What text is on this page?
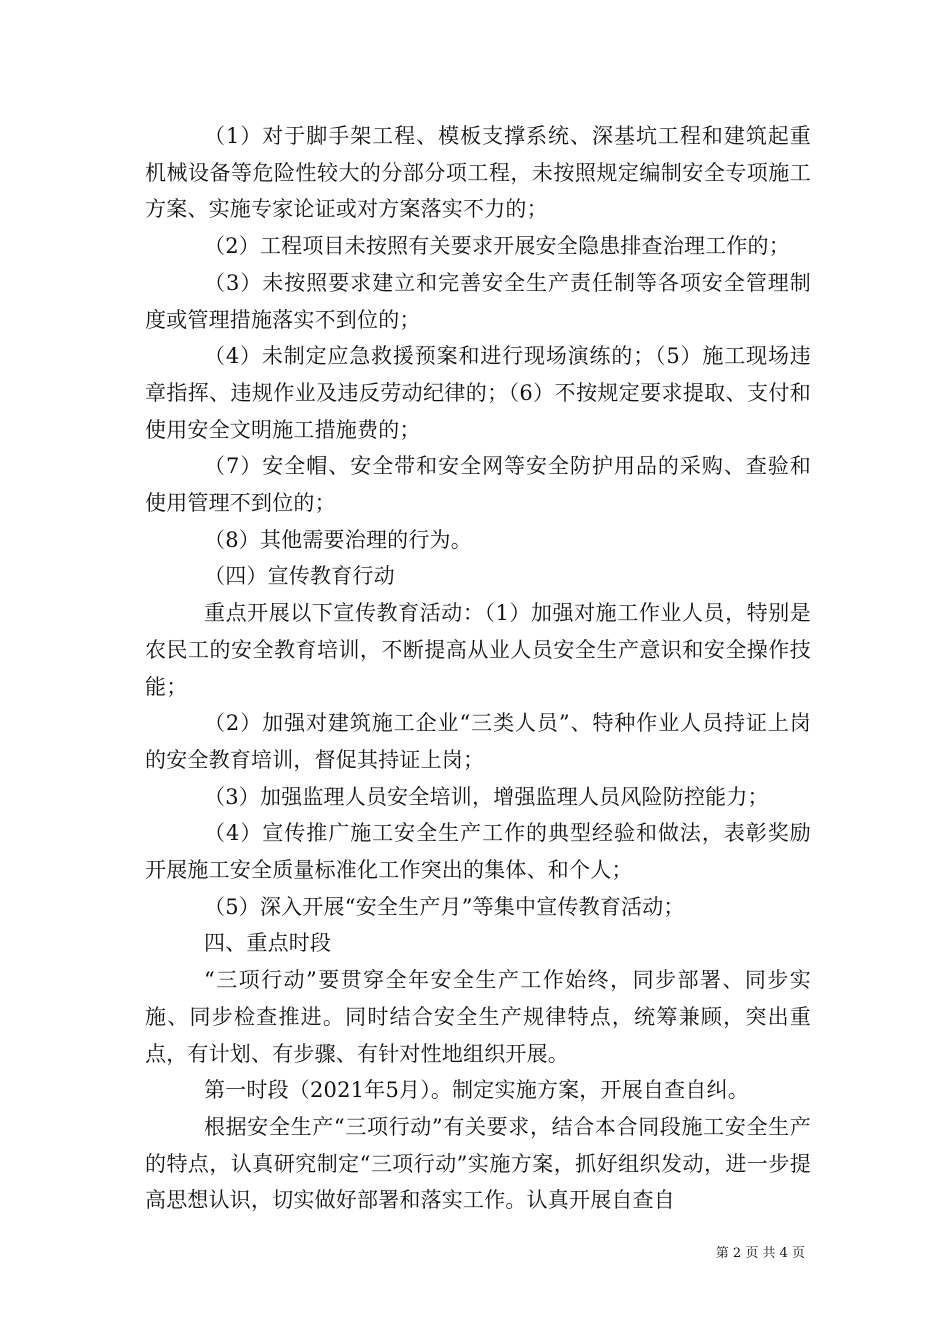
（1）对于脚手架工程、模板支撑系统、深基坑工程和建筑起重机械设备等危险性较大的分部分项工程，未按照规定编制安全专项施工方案、实施专家论证或对方案落实不力的；

（2）工程项目未按照有关要求开展安全隐患排查治理工作的；

（3）未按照要求建立和完善安全生产责任制等各项安全管理制度或管理措施落实不到位的；

（4）未制定应急救援预案和进行现场演练的；（5）施工现场违章指挥、违规作业及违反劳动纪律的；（6）不按规定要求提取、支付和使用安全文明施工措施费的；

（7）安全帽、安全带和安全网等安全防护用品的采购、查验和使用管理不到位的；

（8）其他需要治理的行为。

（四）宣传教育行动

重点开展以下宣传教育活动：（1）加强对施工作业人员，特别是农民工的安全教育培训，不断提高从业人员安全生产意识和安全操作技能；

（2）加强对建筑施工企业“三类人员”、特种作业人员持证上岗的安全教育培训，督促其持证上岗；

（3）加强监理人员安全培训，增强监理人员风险防控能力；

（4）宣传推广施工安全生产工作的典型经验和做法，表彰奖励开展施工安全质量标准化工作突出的集体、和个人；

（5）深入开展“安全生产月”等集中宣传教育活动；

四、重点时段

“三项行动”要贯穿全年安全生产工作始终，同步部署、同步实施、同步检查推进。同时结合安全生产规律特点，统筹兼顾，突出重点，有计划、有步骤、有针对性地组织开展。

第一时段（2021年5月）。制定实施方案，开展自查自纠。

根据安全生产“三项行动”有关要求，结合本合同段施工安全生产的特点，认真研究制定“三项行动”实施方案，抓好组织发动，进一步提高思想认识，切实做好部署和落实工作。认真开展自查自

第 2 页 共 4 页
